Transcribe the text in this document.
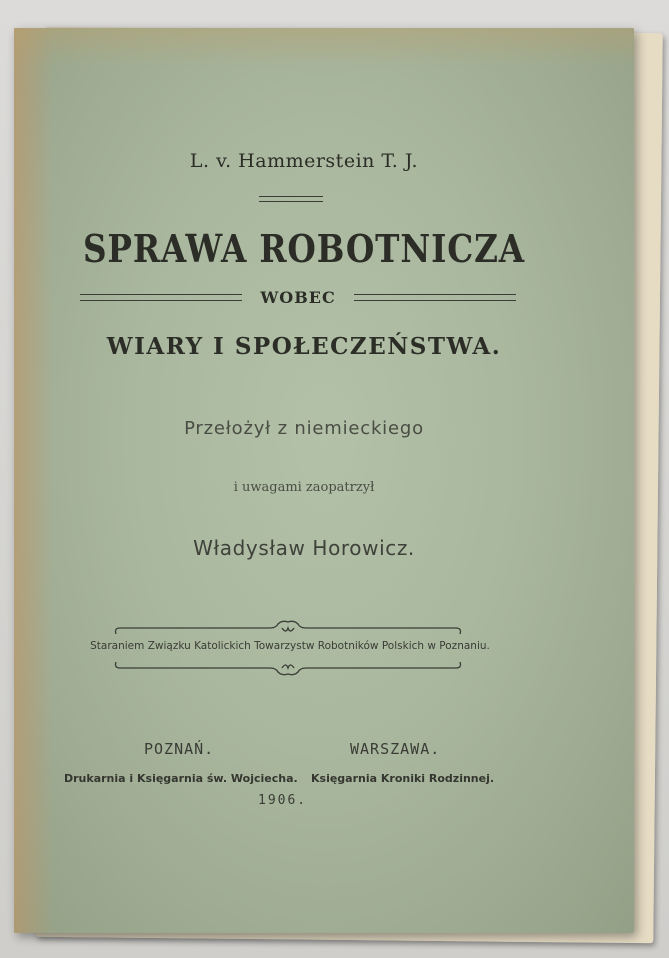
L. v. Hammerstein T. J.
SPRAWA ROBOTNICZA
WOBEC
WIARY I SPOŁECZEŃSTWA.
Przełożył z niemieckiego
i uwagami zaopatrzył
Władysław Horowicz.
Staraniem Związku Katolickich Towarzystw Robotników Polskich w Poznaniu.
POZNAŃ.	WARSZAWA.
Drukarnia i Księgarnia św. Wojciecha. Księgarnia Kroniki Rodzinnej.
1906.
